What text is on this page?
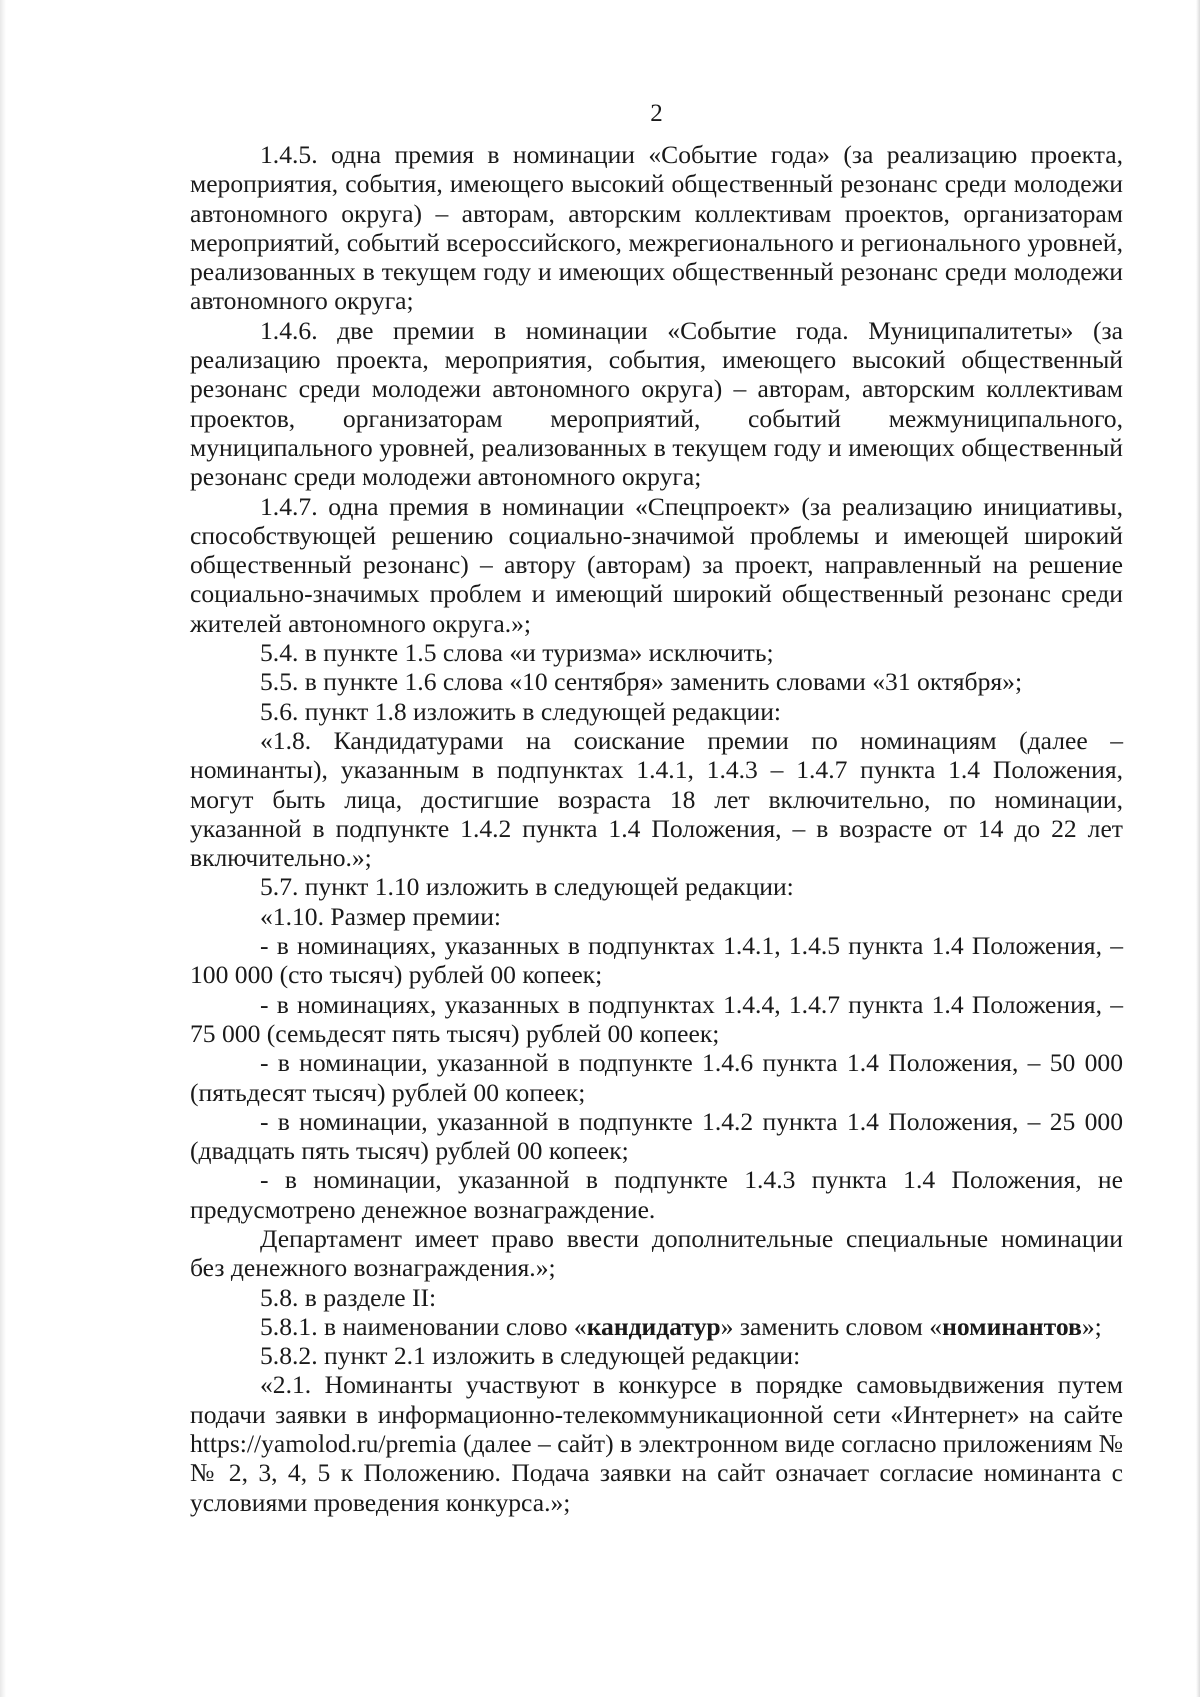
2

1.4.5. одна премия в номинации «Событие года» (за реализацию проекта, мероприятия, события, имеющего высокий общественный резонанс среди молодежи автономного округа) – авторам, авторским коллективам проектов, организаторам мероприятий, событий всероссийского, межрегионального и регионального уровней, реализованных в текущем году и имеющих общественный резонанс среди молодежи автономного округа;

1.4.6. две премии в номинации «Событие года. Муниципалитеты» (за реализацию проекта, мероприятия, события, имеющего высокий общественный резонанс среди молодежи автономного округа) – авторам, авторским коллективам проектов, организаторам мероприятий, событий межмуниципального, муниципального уровней, реализованных в текущем году и имеющих общественный резонанс среди молодежи автономного округа;

1.4.7. одна премия в номинации «Спецпроект» (за реализацию инициативы, способствующей решению социально-значимой проблемы и имеющей широкий общественный резонанс) – автору (авторам) за проект, направленный на решение социально-значимых проблем и имеющий широкий общественный резонанс среди жителей автономного округа.»;

5.4. в пункте 1.5 слова «и туризма» исключить;

5.5. в пункте 1.6 слова «10 сентября» заменить словами «31 октября»;

5.6. пункт 1.8 изложить в следующей редакции:

«1.8. Кандидатурами на соискание премии по номинациям (далее – номинанты), указанным в подпунктах 1.4.1, 1.4.3 – 1.4.7 пункта 1.4 Положения, могут быть лица, достигшие возраста 18 лет включительно, по номинации, указанной в подпункте 1.4.2 пункта 1.4 Положения, – в возрасте от 14 до 22 лет включительно.»;

5.7. пункт 1.10 изложить в следующей редакции:

«1.10. Размер премии:

- в номинациях, указанных в подпунктах 1.4.1, 1.4.5 пункта 1.4 Положения, – 100 000 (сто тысяч) рублей 00 копеек;

- в номинациях, указанных в подпунктах 1.4.4, 1.4.7 пункта 1.4 Положения, – 75 000 (семьдесят пять тысяч) рублей 00 копеек;

- в номинации, указанной в подпункте 1.4.6 пункта 1.4 Положения, – 50 000 (пятьдесят тысяч) рублей 00 копеек;

- в номинации, указанной в подпункте 1.4.2 пункта 1.4 Положения, – 25 000 (двадцать пять тысяч) рублей 00 копеек;

- в номинации, указанной в подпункте 1.4.3 пункта 1.4 Положения, не предусмотрено денежное вознаграждение.

Департамент имеет право ввести дополнительные специальные номинации без денежного вознаграждения.»;

5.8. в разделе II:

5.8.1. в наименовании слово «кандидатур» заменить словом «номинантов»;

5.8.2. пункт 2.1 изложить в следующей редакции:

«2.1. Номинанты участвуют в конкурсе в порядке самовыдвижения путем подачи заявки в информационно-телекоммуникационной сети «Интернет» на сайте https://yamolod.ru/premia (далее – сайт) в электронном виде согласно приложениям №№ 2, 3, 4, 5 к Положению. Подача заявки на сайт означает согласие номинанта с условиями проведения конкурса.»;
